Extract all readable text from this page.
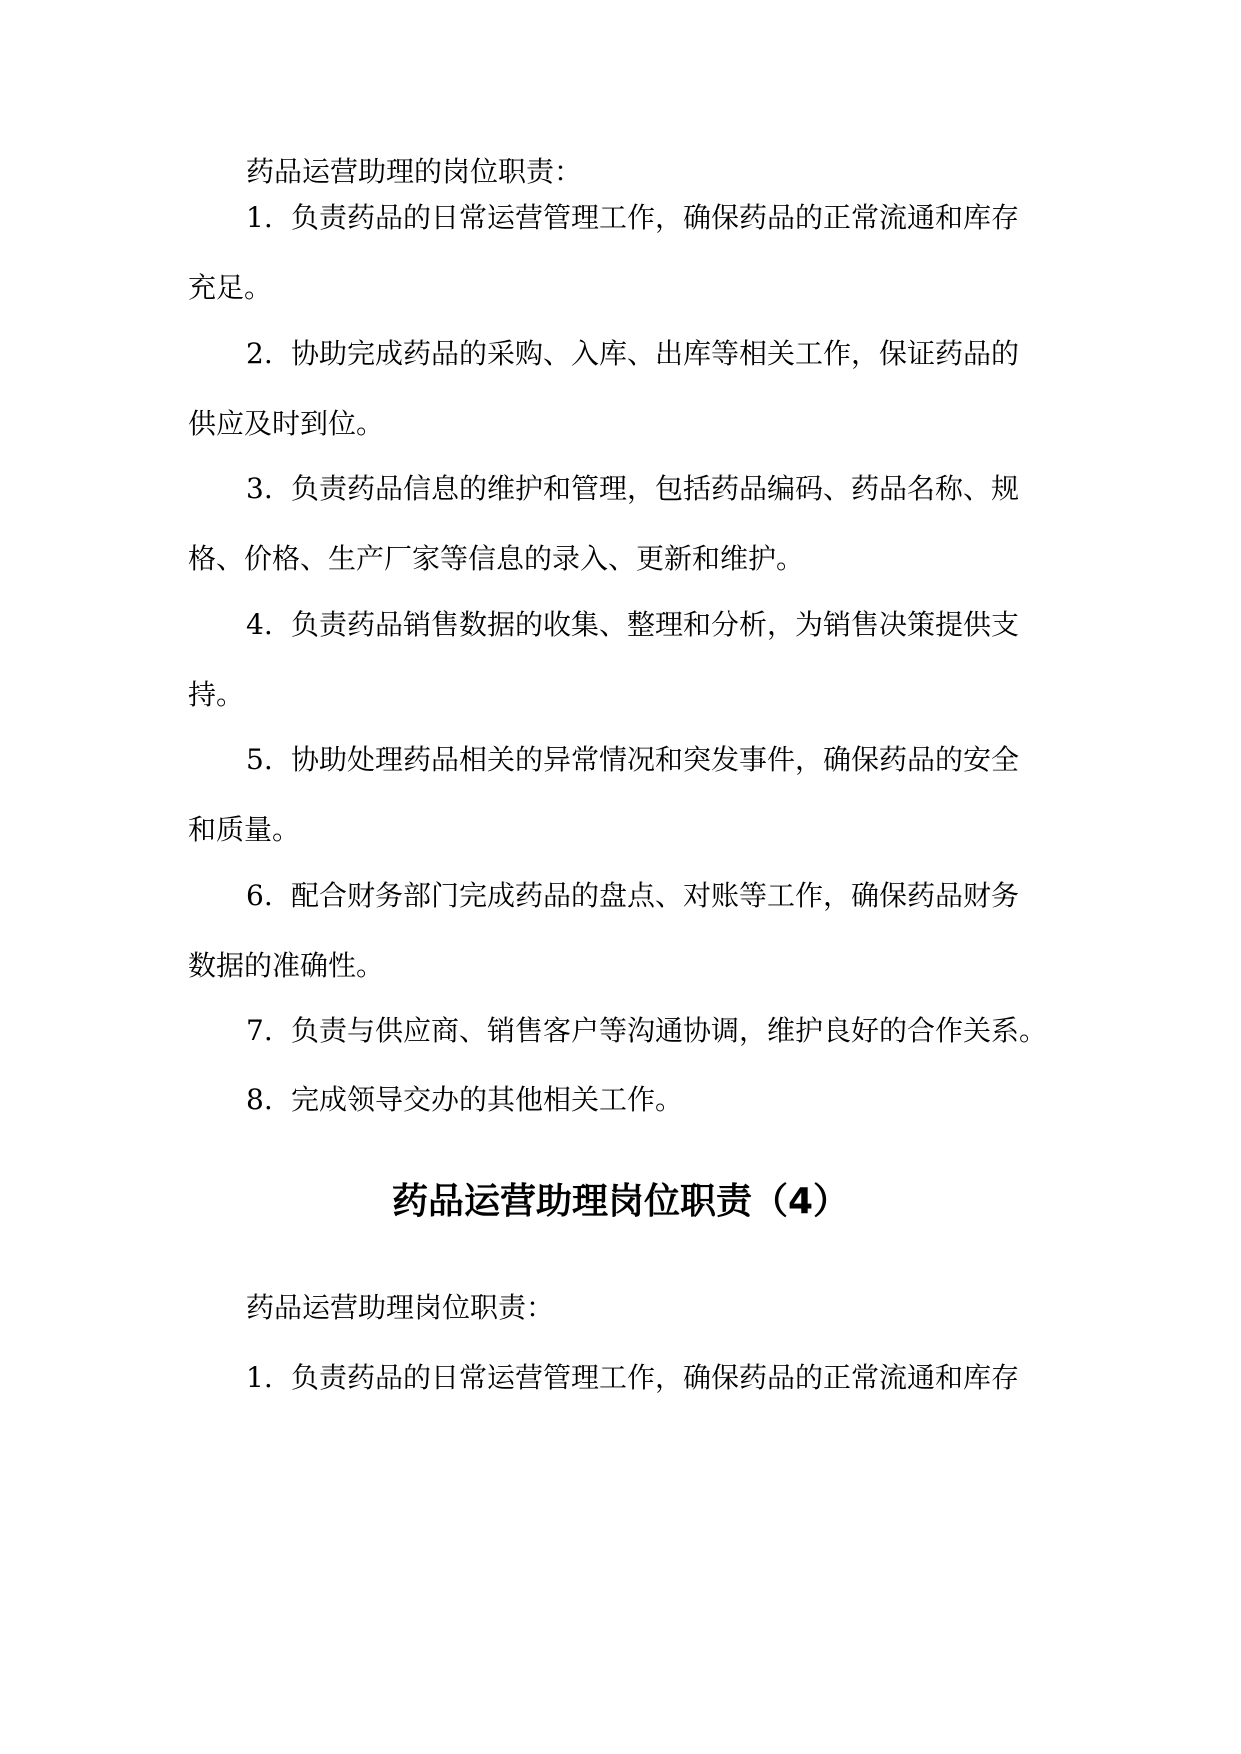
药品运营助理的岗位职责：
1. 负责药品的日常运营管理工作，确保药品的正常流通和库存
充足。
2. 协助完成药品的采购、入库、出库等相关工作，保证药品的
供应及时到位。
3. 负责药品信息的维护和管理，包括药品编码、药品名称、规
格、价格、生产厂家等信息的录入、更新和维护。
4. 负责药品销售数据的收集、整理和分析，为销售决策提供支
持。
5. 协助处理药品相关的异常情况和突发事件，确保药品的安全
和质量。
6. 配合财务部门完成药品的盘点、对账等工作，确保药品财务
数据的准确性。
7. 负责与供应商、销售客户等沟通协调，维护良好的合作关系。
8. 完成领导交办的其他相关工作。
药品运营助理岗位职责（4）
药品运营助理岗位职责：
1. 负责药品的日常运营管理工作，确保药品的正常流通和库存
